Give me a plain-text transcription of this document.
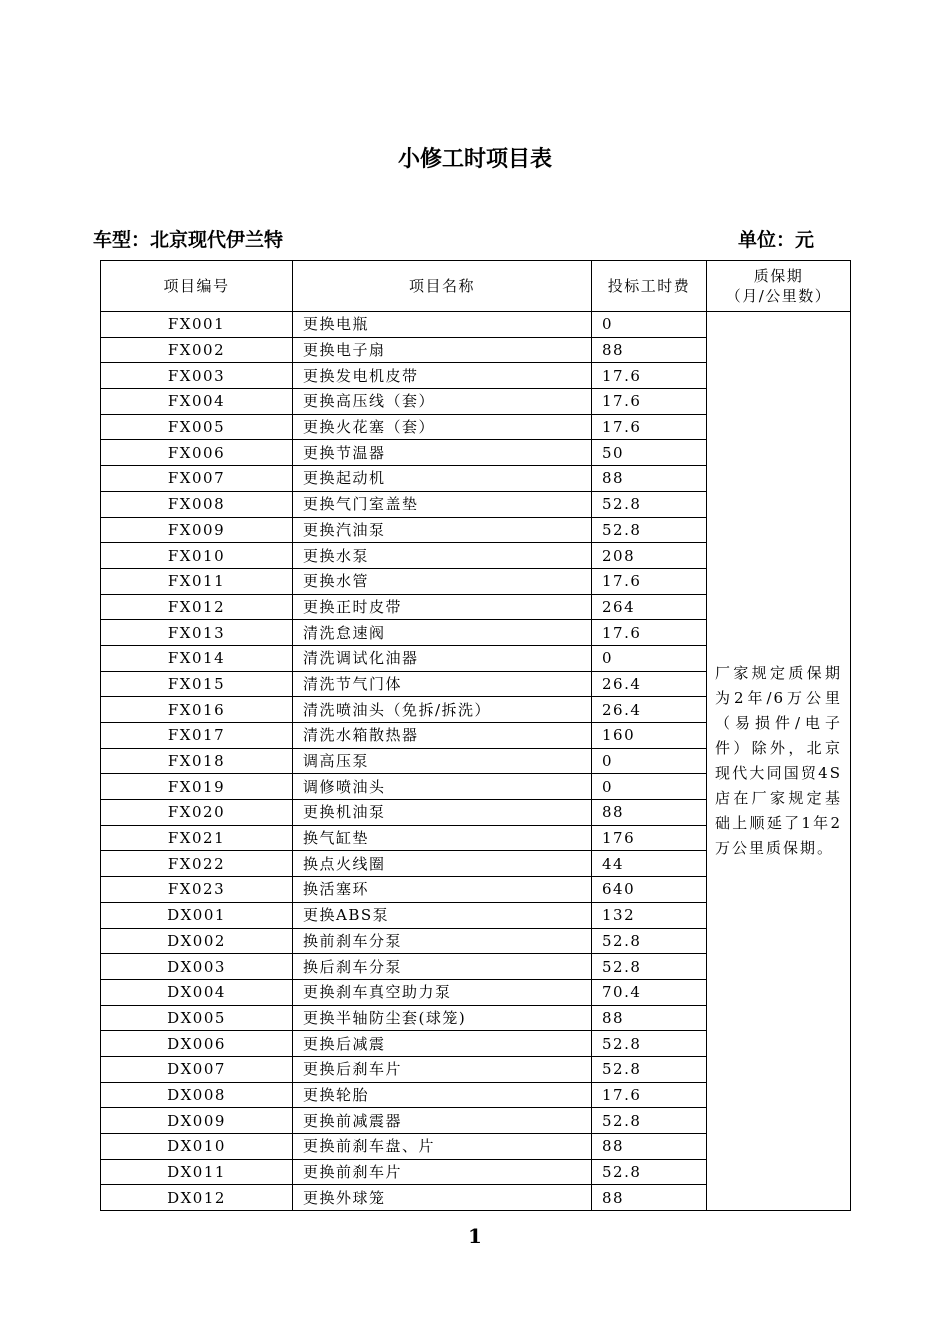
小修工时项目表
车型：北京现代伊兰特	单位：元
项目编号	项目名称	投标工时费	质保期
（月/公里数）
FX001	更换电瓶	0	厂家规定质保期为2年/6万公里（易损件/电子件）除外，北京现代大同国贸4S店在厂家规定基础上顺延了1年2万公里质保期。
FX002	更换电子扇	88	
FX003	更换发电机皮带	17.6	
FX004	更换高压线（套）	17.6	
FX005	更换火花塞（套）	17.6	
FX006	更换节温器	50	
FX007	更换起动机	88	
FX008	更换气门室盖垫	52.8	
FX009	更换汽油泵	52.8	
FX010	更换水泵	208	
FX011	更换水管	17.6	
FX012	更换正时皮带	264	
FX013	清洗怠速阀	17.6	
FX014	清洗调试化油器	0	
FX015	清洗节气门体	26.4	
FX016	清洗喷油头（免拆/拆洗）	26.4	
FX017	清洗水箱散热器	160	
FX018	调高压泵	0	
FX019	调修喷油头	0	
FX020	更换机油泵	88	
FX021	换气缸垫	176	
FX022	换点火线圈	44	
FX023	换活塞环	640	
DX001	更换ABS泵	132	
DX002	换前刹车分泵	52.8	
DX003	换后刹车分泵	52.8	
DX004	更换刹车真空助力泵	70.4	
DX005	更换半轴防尘套(球笼)	88	
DX006	更换后减震	52.8	
DX007	更换后刹车片	52.8	
DX008	更换轮胎	17.6	
DX009	更换前减震器	52.8	
DX010	更换前刹车盘、片	88	
DX011	更换前刹车片	52.8	
DX012	更换外球笼	88	
1
